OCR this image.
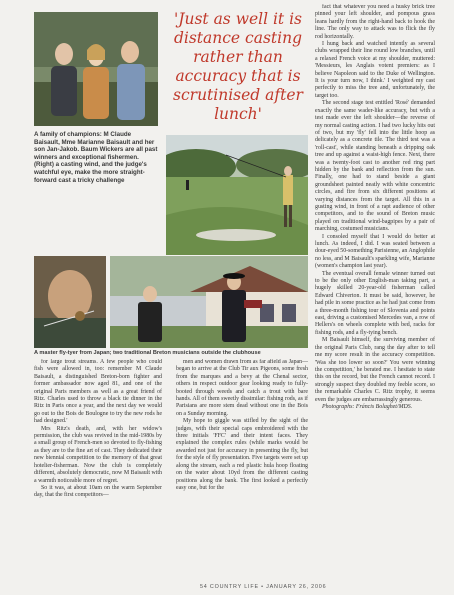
'Just as well it is distance casting rather than accuracy that is scrutinised after lunch'
A family of champions: M Claude Baisault, Mme Marianne Baisault and her son Jan-Jakob. Baum Wickers are all past winners and exceptional fishermen. (Right) a casting wind, and the judge's watchful eye, make the more straight-forward cast a tricky challenge
A master fly-tyer from Japan; two traditional Breton musicians outside the clubhouse

fact that whatever you need a husky brick tree pinned your left shoulder, and pompous grass leans hardly from the right-hand back to hook the line. The only way to attack was to flick the fly rod horizontally.

I hung back and watched intently as several clubs wrapped their line round low branches, until a relaxed French voice at my shoulder, muttered: 'Messieurs, les Anglais votent premiers: as I believe Napoleon said to the Duke of Wellington. It is your turn now, I think.' I weighted my cast perfectly to miss the tree and, unfortunately, the target too.

The second stage test entitled 'Rosé' demanded exactly the same wader-like accuracy, but with a test made ever the left shoulder—the reverse of my normal casting action. I had two lucky hits out of two, but my 'fly' fell into the little hoop as delicately as a concrete tile. The third test was a 'roll-cast', while standing beneath a dripping oak tree and up against a waist-high fence. Next, there was a twenty-foot cast to another red ring part hidden by the bank and reflection from the sun. Finally, one had to stand beside a giant groundsheet painted neatly with white concentric circles, and fire from six different positions at varying distances from the target. All this in a gusting wind, in front of a rapt audience of other competitors, and to the sound of Breton music played on traditional wind-bagpipes by a pair of marching, costumed musicians.

I consoled myself that I would do better at lunch. As indeed, I did. I was seated between a dour-eyed 50-something Parisienne, an Anglophile no less, and M Baisault's sparkling wife, Marianne (women's champion last year).

The eventual overall female winner turned out to be the only other English-man taking part, a hugely skilled 20-year-old fisherman called Edward Chiverton. It must be said, however, he had pile in some practice as he had just come from a three-month fishing tour of Slovenia and points east, driving a customised Mercedes van, a row of Hellers's on wheels complete with bed, racks for fishing rods, and a fly-tying bench.

M Baisault himself, the surviving member of the original Paris Club, rang the day after to tell me my score result in the accuracy competition. 'Was she too lower so soon?' You were winning the competition,' he berated me. I hesitate to state this on the record, but the French cannot record. I strongly suspect they doubled my feeble score, so the remarkable Charles C. Ritz trophy, it seems even the judges are embarrassingly generous.

Photographs: Fráncis Bolaghet/MDS.

for large trout streams. A few people who could fish were allowed in, too: remember M Claude Baisault, a distinguished Breton-born fighter and former ambassador now aged 81, and one of the original Paris members as well as a great friend of Ritz. Charles used to throw a black tie dinner in the Ritz in Paris once a year, and the next day we would go out to the Bois de Boulogne to try the new rods he had designed.'

Mrs Ritz's death, and, with her widow's permission, the club was revived in the mid-1980s by a small group of French-men so devoted to fly-fishing as they are to the fine art of cast. They dedicated their new biennial competition to the memory of that great hotelier-fisherman. Now the club is completely different, absolutely democratic, now M Baisault with a warmth noticeable more of regret.

So it was, at about 10am on the warm September day, that the first competitors—

men and women drawn from as far afield as Japan—began to arrive at the Club Tir aux Pigeons, some fresh from the marques and a bevy at the Chenal sector, others in respect outdoor gear looking ready to fully-booted through weeds and catch a trout with bare hands. All of them sweetly dissimilar: fishing rods, as if Parisians are more stem dead without one in the Bois on a Sunday morning.

My hope to giggle was stifled by the sight of the judges, with their special caps embroidered with the three initials 'FFC' and their intent faces. They explained the complex rules (while marks would be awarded not just for accuracy in presenting the fly, but for the style of fly presentation. Five targets were set up along the stream, each a red plastic hula hoop floating on the water about 10yd from the different casting positions along the bank. The first looked a perfectly easy one, but for the

54 COUNTRY LIFE • JANUARY 26, 2006
